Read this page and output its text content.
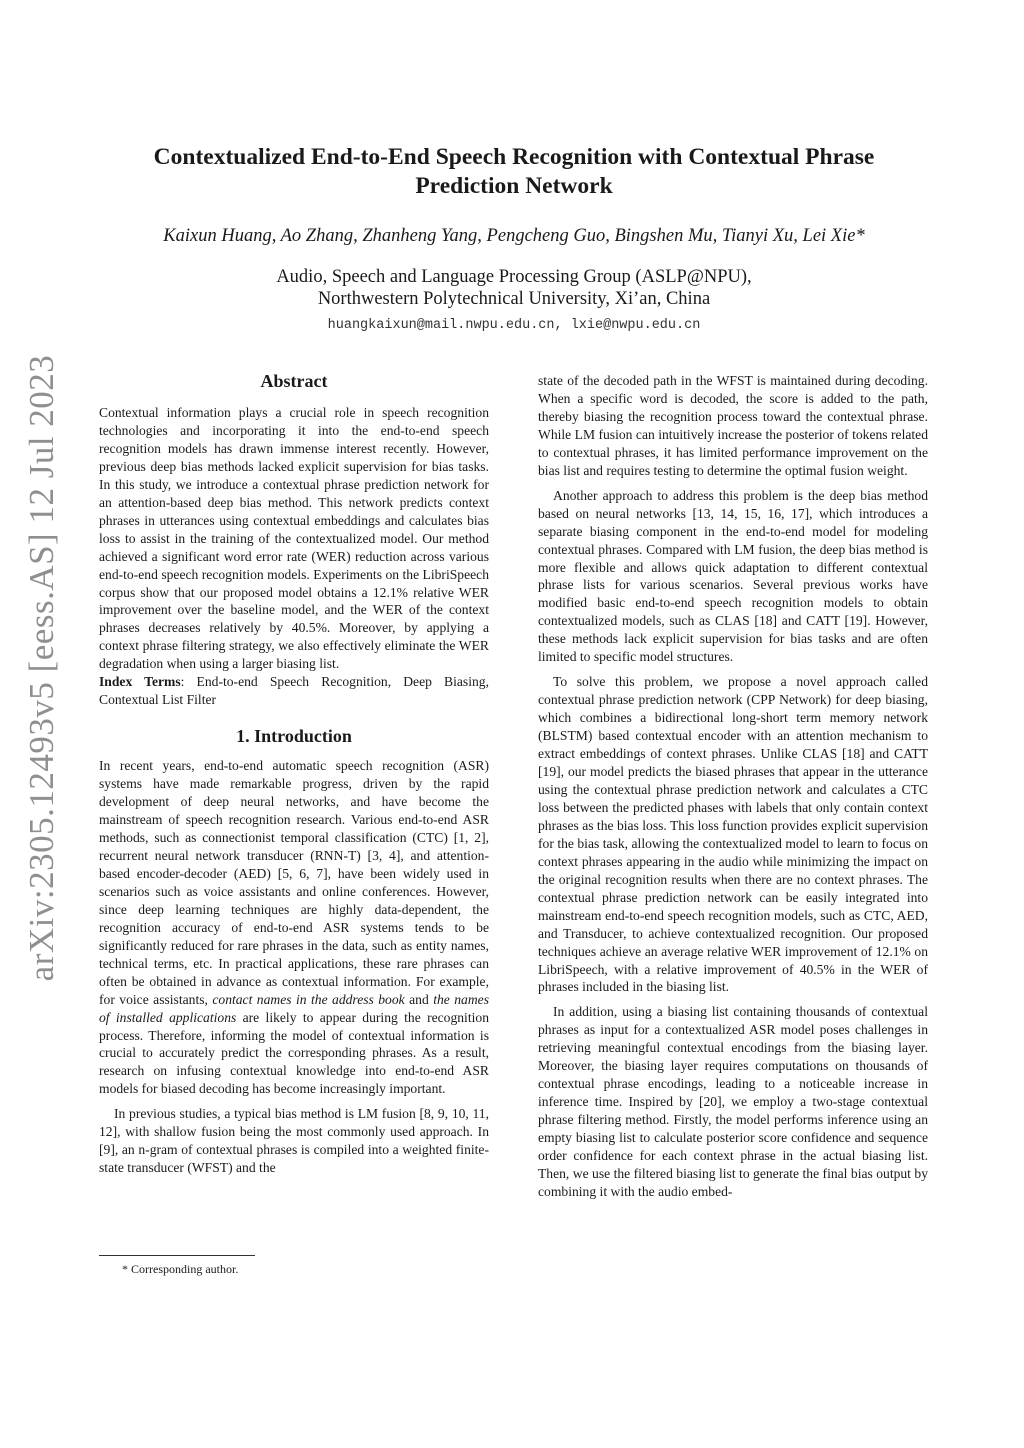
arXiv:2305.12493v5 [eess.AS] 12 Jul 2023
Contextualized End-to-End Speech Recognition with Contextual Phrase
Prediction Network
Kaixun Huang, Ao Zhang, Zhanheng Yang, Pengcheng Guo, Bingshen Mu, Tianyi Xu, Lei Xie*
Audio, Speech and Language Processing Group (ASLP@NPU),
Northwestern Polytechnical University, Xi’an, China
huangkaixun@mail.nwpu.edu.cn, lxie@nwpu.edu.cn
Abstract

Contextual information plays a crucial role in speech recognition technologies and incorporating it into the end-to-end speech recognition models has drawn immense interest recently. However, previous deep bias methods lacked explicit supervision for bias tasks. In this study, we introduce a contextual phrase prediction network for an attention-based deep bias method. This network predicts context phrases in utterances using contextual embeddings and calculates bias loss to assist in the training of the contextualized model. Our method achieved a significant word error rate (WER) reduction across various end-to-end speech recognition models. Experiments on the LibriSpeech corpus show that our proposed model obtains a 12.1% relative WER improvement over the baseline model, and the WER of the context phrases decreases relatively by 40.5%. Moreover, by applying a context phrase filtering strategy, we also effectively eliminate the WER degradation when using a larger biasing list.

Index Terms: End-to-end Speech Recognition, Deep Biasing, Contextual List Filter

1. Introduction

In recent years, end-to-end automatic speech recognition (ASR) systems have made remarkable progress, driven by the rapid development of deep neural networks, and have become the mainstream of speech recognition research. Various end-to-end ASR methods, such as connectionist temporal classification (CTC) [1, 2], recurrent neural network transducer (RNN-T) [3, 4], and attention-based encoder-decoder (AED) [5, 6, 7], have been widely used in scenarios such as voice assistants and online conferences. However, since deep learning techniques are highly data-dependent, the recognition accuracy of end-to-end ASR systems tends to be significantly reduced for rare phrases in the data, such as entity names, technical terms, etc. In practical applications, these rare phrases can often be obtained in advance as contextual information. For example, for voice assistants, contact names in the address book and the names of installed applications are likely to appear during the recognition process. Therefore, informing the model of contextual information is crucial to accurately predict the corresponding phrases. As a result, research on infusing contextual knowledge into end-to-end ASR models for biased decoding has become increasingly important.

In previous studies, a typical bias method is LM fusion [8, 9, 10, 11, 12], with shallow fusion being the most commonly used approach. In [9], an n-gram of contextual phrases is compiled into a weighted finite-state transducer (WFST) and the

state of the decoded path in the WFST is maintained during decoding. When a specific word is decoded, the score is added to the path, thereby biasing the recognition process toward the contextual phrase. While LM fusion can intuitively increase the posterior of tokens related to contextual phrases, it has limited performance improvement on the bias list and requires testing to determine the optimal fusion weight.

Another approach to address this problem is the deep bias method based on neural networks [13, 14, 15, 16, 17], which introduces a separate biasing component in the end-to-end model for modeling contextual phrases. Compared with LM fusion, the deep bias method is more flexible and allows quick adaptation to different contextual phrase lists for various scenarios. Several previous works have modified basic end-to-end speech recognition models to obtain contextualized models, such as CLAS [18] and CATT [19]. However, these methods lack explicit supervision for bias tasks and are often limited to specific model structures.

To solve this problem, we propose a novel approach called contextual phrase prediction network (CPP Network) for deep biasing, which combines a bidirectional long-short term memory network (BLSTM) based contextual encoder with an attention mechanism to extract embeddings of context phrases. Unlike CLAS [18] and CATT [19], our model predicts the biased phrases that appear in the utterance using the contextual phrase prediction network and calculates a CTC loss between the predicted phases with labels that only contain context phrases as the bias loss. This loss function provides explicit supervision for the bias task, allowing the contextualized model to learn to focus on context phrases appearing in the audio while minimizing the impact on the original recognition results when there are no context phrases. The contextual phrase prediction network can be easily integrated into mainstream end-to-end speech recognition models, such as CTC, AED, and Transducer, to achieve contextualized recognition. Our proposed techniques achieve an average relative WER improvement of 12.1% on LibriSpeech, with a relative improvement of 40.5% in the WER of phrases included in the biasing list.

In addition, using a biasing list containing thousands of contextual phrases as input for a contextualized ASR model poses challenges in retrieving meaningful contextual encodings from the biasing layer. Moreover, the biasing layer requires computations on thousands of contextual phrase encodings, leading to a noticeable increase in inference time. Inspired by [20], we employ a two-stage contextual phrase filtering method. Firstly, the model performs inference using an empty biasing list to calculate posterior score confidence and sequence order confidence for each context phrase in the actual biasing list. Then, we use the filtered biasing list to generate the final bias output by combining it with the audio embed-

* Corresponding author.
